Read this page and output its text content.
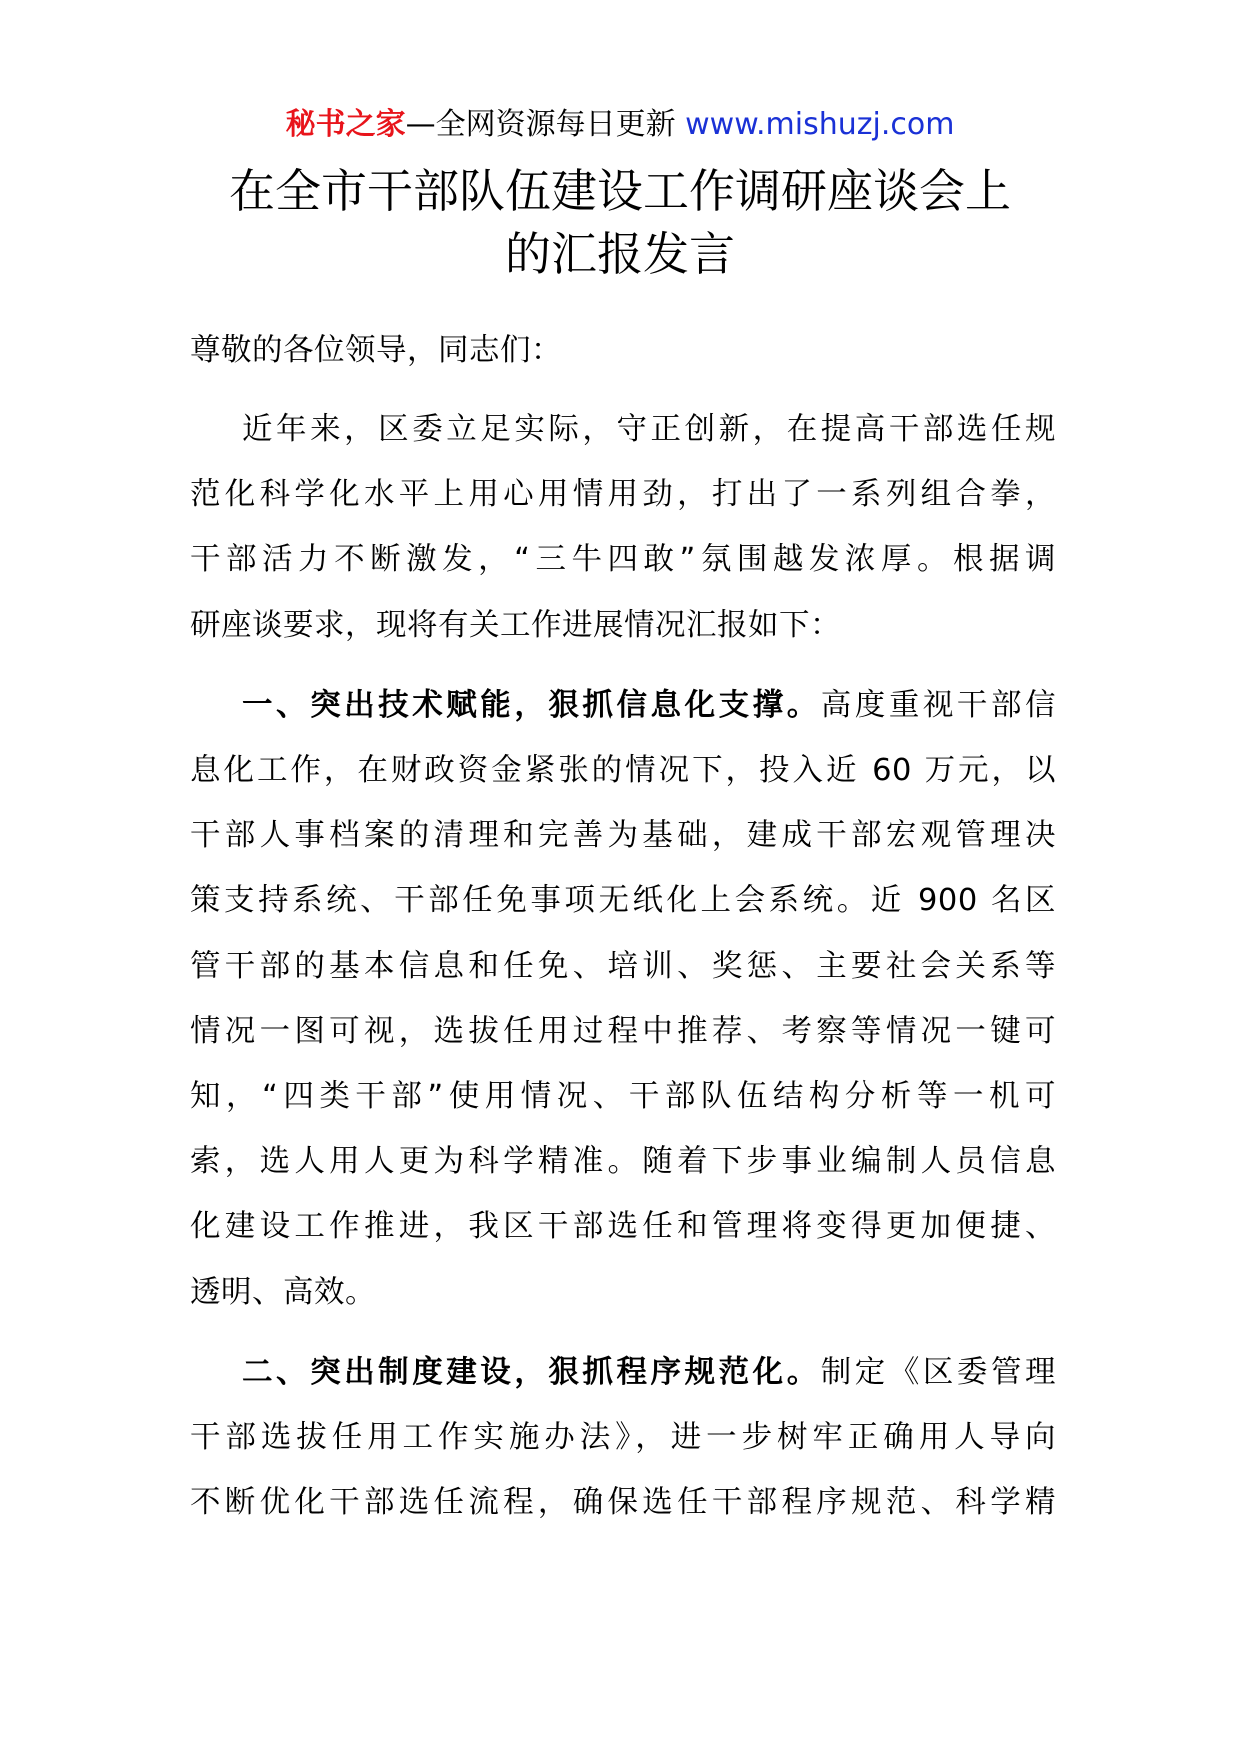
秘书之家—全网资源每日更新 www.mishuzj.com
在全市干部队伍建设工作调研座谈会上
的汇报发言

尊敬的各位领导，同志们：

近年来，区委立足实际，守正创新，在提高干部选任规
范化科学化水平上用心用情用劲，打出了一系列组合拳，
干部活力不断激发，“三牛四敢”氛围越发浓厚。根据调
研座谈要求，现将有关工作进展情况汇报如下：

一、突出技术赋能，狠抓信息化支撑。高度重视干部信
息化工作，在财政资金紧张的情况下，投入近 60 万元，以
干部人事档案的清理和完善为基础，建成干部宏观管理决
策支持系统、干部任免事项无纸化上会系统。近 900 名区
管干部的基本信息和任免、培训、奖惩、主要社会关系等
情况一图可视，选拔任用过程中推荐、考察等情况一键可
知，“四类干部”使用情况、干部队伍结构分析等一机可
索，选人用人更为科学精准。随着下步事业编制人员信息
化建设工作推进，我区干部选任和管理将变得更加便捷、
透明、高效。

二、突出制度建设，狠抓程序规范化。制定《区委管理
干部选拔任用工作实施办法》，进一步树牢正确用人导向
不断优化干部选任流程，确保选任干部程序规范、科学精
